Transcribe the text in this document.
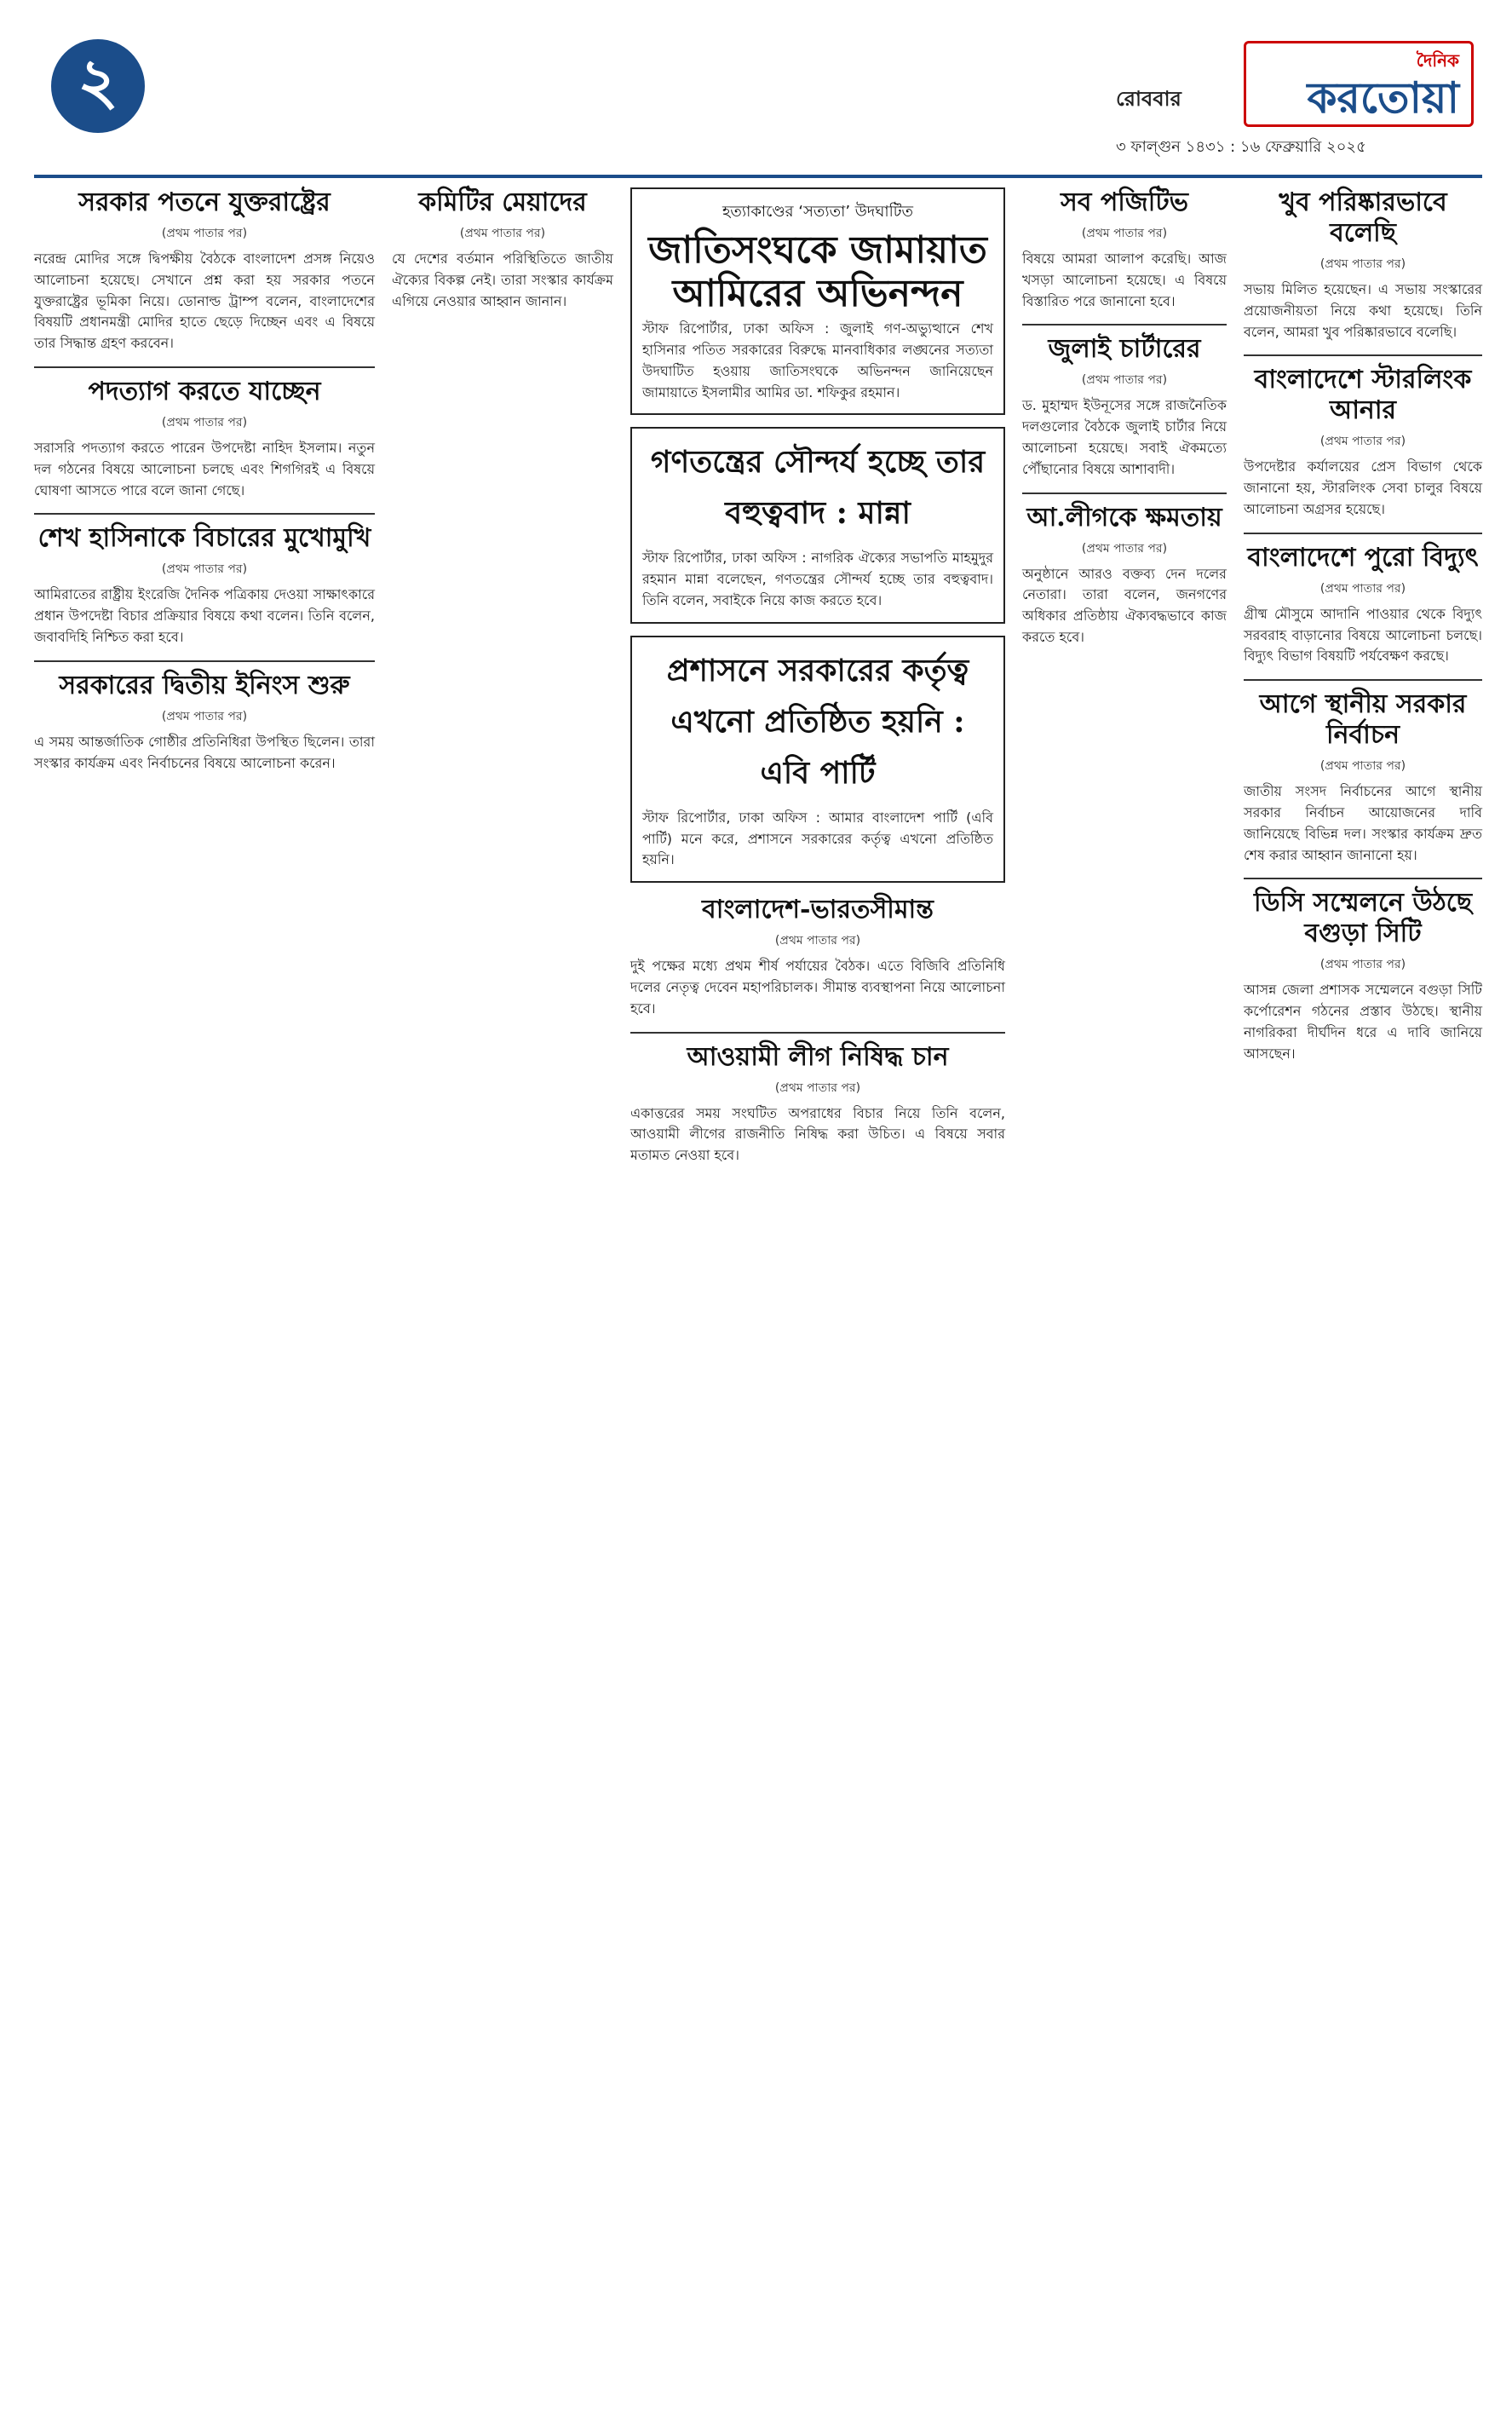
২	রোববার
৩ ফাল্গুন ১৪৩১ : ১৬ ফেব্রুয়ারি ২০২৫
দৈনিক
করতোয়া
সরকার পতনে যুক্তরাষ্ট্রের
(প্রথম পাতার পর)

নরেন্দ্র মোদির সঙ্গে দ্বিপক্ষীয় বৈঠকে বাংলাদেশ প্রসঙ্গ নিয়েও আলোচনা হয়েছে। সেখানে প্রশ্ন করা হয় সরকার পতনে যুক্তরাষ্ট্রের ভূমিকা নিয়ে। ডোনাল্ড ট্রাম্প বলেন, বাংলাদেশের বিষয়টি প্রধানমন্ত্রী মোদির হাতে ছেড়ে দিচ্ছেন এবং এ বিষয়ে তার সিদ্ধান্ত গ্রহণ করবেন।

পদত্যাগ করতে যাচ্ছেন
(প্রথম পাতার পর)

সরাসরি পদত্যাগ করতে পারেন উপদেষ্টা নাহিদ ইসলাম। নতুন দল গঠনের বিষয়ে আলোচনা চলছে এবং শিগগিরই এ বিষয়ে ঘোষণা আসতে পারে বলে জানা গেছে।

শেখ হাসিনাকে বিচারের মুখোমুখি
(প্রথম পাতার পর)

আমিরাতের রাষ্ট্রীয় ইংরেজি দৈনিক পত্রিকায় দেওয়া সাক্ষাৎকারে প্রধান উপদেষ্টা বিচার প্রক্রিয়ার বিষয়ে কথা বলেন। তিনি বলেন, জবাবদিহি নিশ্চিত করা হবে।

সরকারের দ্বিতীয় ইনিংস শুরু
(প্রথম পাতার পর)

এ সময় আন্তর্জাতিক গোষ্ঠীর প্রতিনিধিরা উপস্থিত ছিলেন। তারা সংস্কার কার্যক্রম এবং নির্বাচনের বিষয়ে আলোচনা করেন।

কমিটির মেয়াদের
(প্রথম পাতার পর)

যে দেশের বর্তমান পরিস্থিতিতে জাতীয় ঐক্যের বিকল্প নেই। তারা সংস্কার কার্যক্রম এগিয়ে নেওয়ার আহ্বান জানান।

হত্যাকাণ্ডের ‘সত্যতা’ উদঘাটিত
জাতিসংঘকে জামায়াত আমিরের অভিনন্দন

স্টাফ রিপোর্টার, ঢাকা অফিস : জুলাই গণ-অভ্যুত্থানে শেখ হাসিনার পতিত সরকারের বিরুদ্ধে মানবাধিকার লঙ্ঘনের সত্যতা উদঘাটিত হওয়ায় জাতিসংঘকে অভিনন্দন জানিয়েছেন জামায়াতে ইসলামীর আমির ডা. শফিকুর রহমান।

গণতন্ত্রের সৌন্দর্য হচ্ছে তার বহুত্ববাদ : মান্না

স্টাফ রিপোর্টার, ঢাকা অফিস : নাগরিক ঐক্যের সভাপতি মাহমুদুর রহমান মান্না বলেছেন, গণতন্ত্রের সৌন্দর্য হচ্ছে তার বহুত্ববাদ। তিনি বলেন, সবাইকে নিয়ে কাজ করতে হবে।

প্রশাসনে সরকারের কর্তৃত্ব এখনো প্রতিষ্ঠিত হয়নি : এবি পার্টি

স্টাফ রিপোর্টার, ঢাকা অফিস : আমার বাংলাদেশ পার্টি (এবি পার্টি) মনে করে, প্রশাসনে সরকারের কর্তৃত্ব এখনো প্রতিষ্ঠিত হয়নি।

বাংলাদেশ-ভারতসীমান্ত
(প্রথম পাতার পর)

দুই পক্ষের মধ্যে প্রথম শীর্ষ পর্যায়ের বৈঠক। এতে বিজিবি প্রতিনিধি দলের নেতৃত্ব দেবেন মহাপরিচালক। সীমান্ত ব্যবস্থাপনা নিয়ে আলোচনা হবে।

আওয়ামী লীগ নিষিদ্ধ চান
(প্রথম পাতার পর)

একাত্তরের সময় সংঘটিত অপরাধের বিচার নিয়ে তিনি বলেন, আওয়ামী লীগের রাজনীতি নিষিদ্ধ করা উচিত। এ বিষয়ে সবার মতামত নেওয়া হবে।

সব পজিটিভ
(প্রথম পাতার পর)

বিষয়ে আমরা আলাপ করেছি। আজ খসড়া আলোচনা হয়েছে। এ বিষয়ে বিস্তারিত পরে জানানো হবে।

জুলাই চার্টারের
(প্রথম পাতার পর)

ড. মুহাম্মদ ইউনূসের সঙ্গে রাজনৈতিক দলগুলোর বৈঠকে জুলাই চার্টার নিয়ে আলোচনা হয়েছে। সবাই ঐকমত্যে পৌঁছানোর বিষয়ে আশাবাদী।

আ.লীগকে ক্ষমতায়
(প্রথম পাতার পর)

অনুষ্ঠানে আরও বক্তব্য দেন দলের নেতারা। তারা বলেন, জনগণের অধিকার প্রতিষ্ঠায় ঐক্যবদ্ধভাবে কাজ করতে হবে।

খুব পরিষ্কারভাবে বলেছি
(প্রথম পাতার পর)

সভায় মিলিত হয়েছেন। এ সভায় সংস্কারের প্রয়োজনীয়তা নিয়ে কথা হয়েছে। তিনি বলেন, আমরা খুব পরিষ্কারভাবে বলেছি।

বাংলাদেশে স্টারলিংক আনার
(প্রথম পাতার পর)

উপদেষ্টার কর্যালয়ের প্রেস বিভাগ থেকে জানানো হয়, স্টারলিংক সেবা চালুর বিষয়ে আলোচনা অগ্রসর হয়েছে।

বাংলাদেশে পুরো বিদ্যুৎ
(প্রথম পাতার পর)

গ্রীষ্ম মৌসুমে আদানি পাওয়ার থেকে বিদ্যুৎ সরবরাহ বাড়ানোর বিষয়ে আলোচনা চলছে। বিদ্যুৎ বিভাগ বিষয়টি পর্যবেক্ষণ করছে।

আগে স্থানীয় সরকার নির্বাচন
(প্রথম পাতার পর)

জাতীয় সংসদ নির্বাচনের আগে স্থানীয় সরকার নির্বাচন আয়োজনের দাবি জানিয়েছে বিভিন্ন দল। সংস্কার কার্যক্রম দ্রুত শেষ করার আহ্বান জানানো হয়।

ডিসি সম্মেলনে উঠছে বগুড়া সিটি
(প্রথম পাতার পর)

আসন্ন জেলা প্রশাসক সম্মেলনে বগুড়া সিটি কর্পোরেশন গঠনের প্রস্তাব উঠছে। স্থানীয় নাগরিকরা দীর্ঘদিন ধরে এ দাবি জানিয়ে আসছেন।
